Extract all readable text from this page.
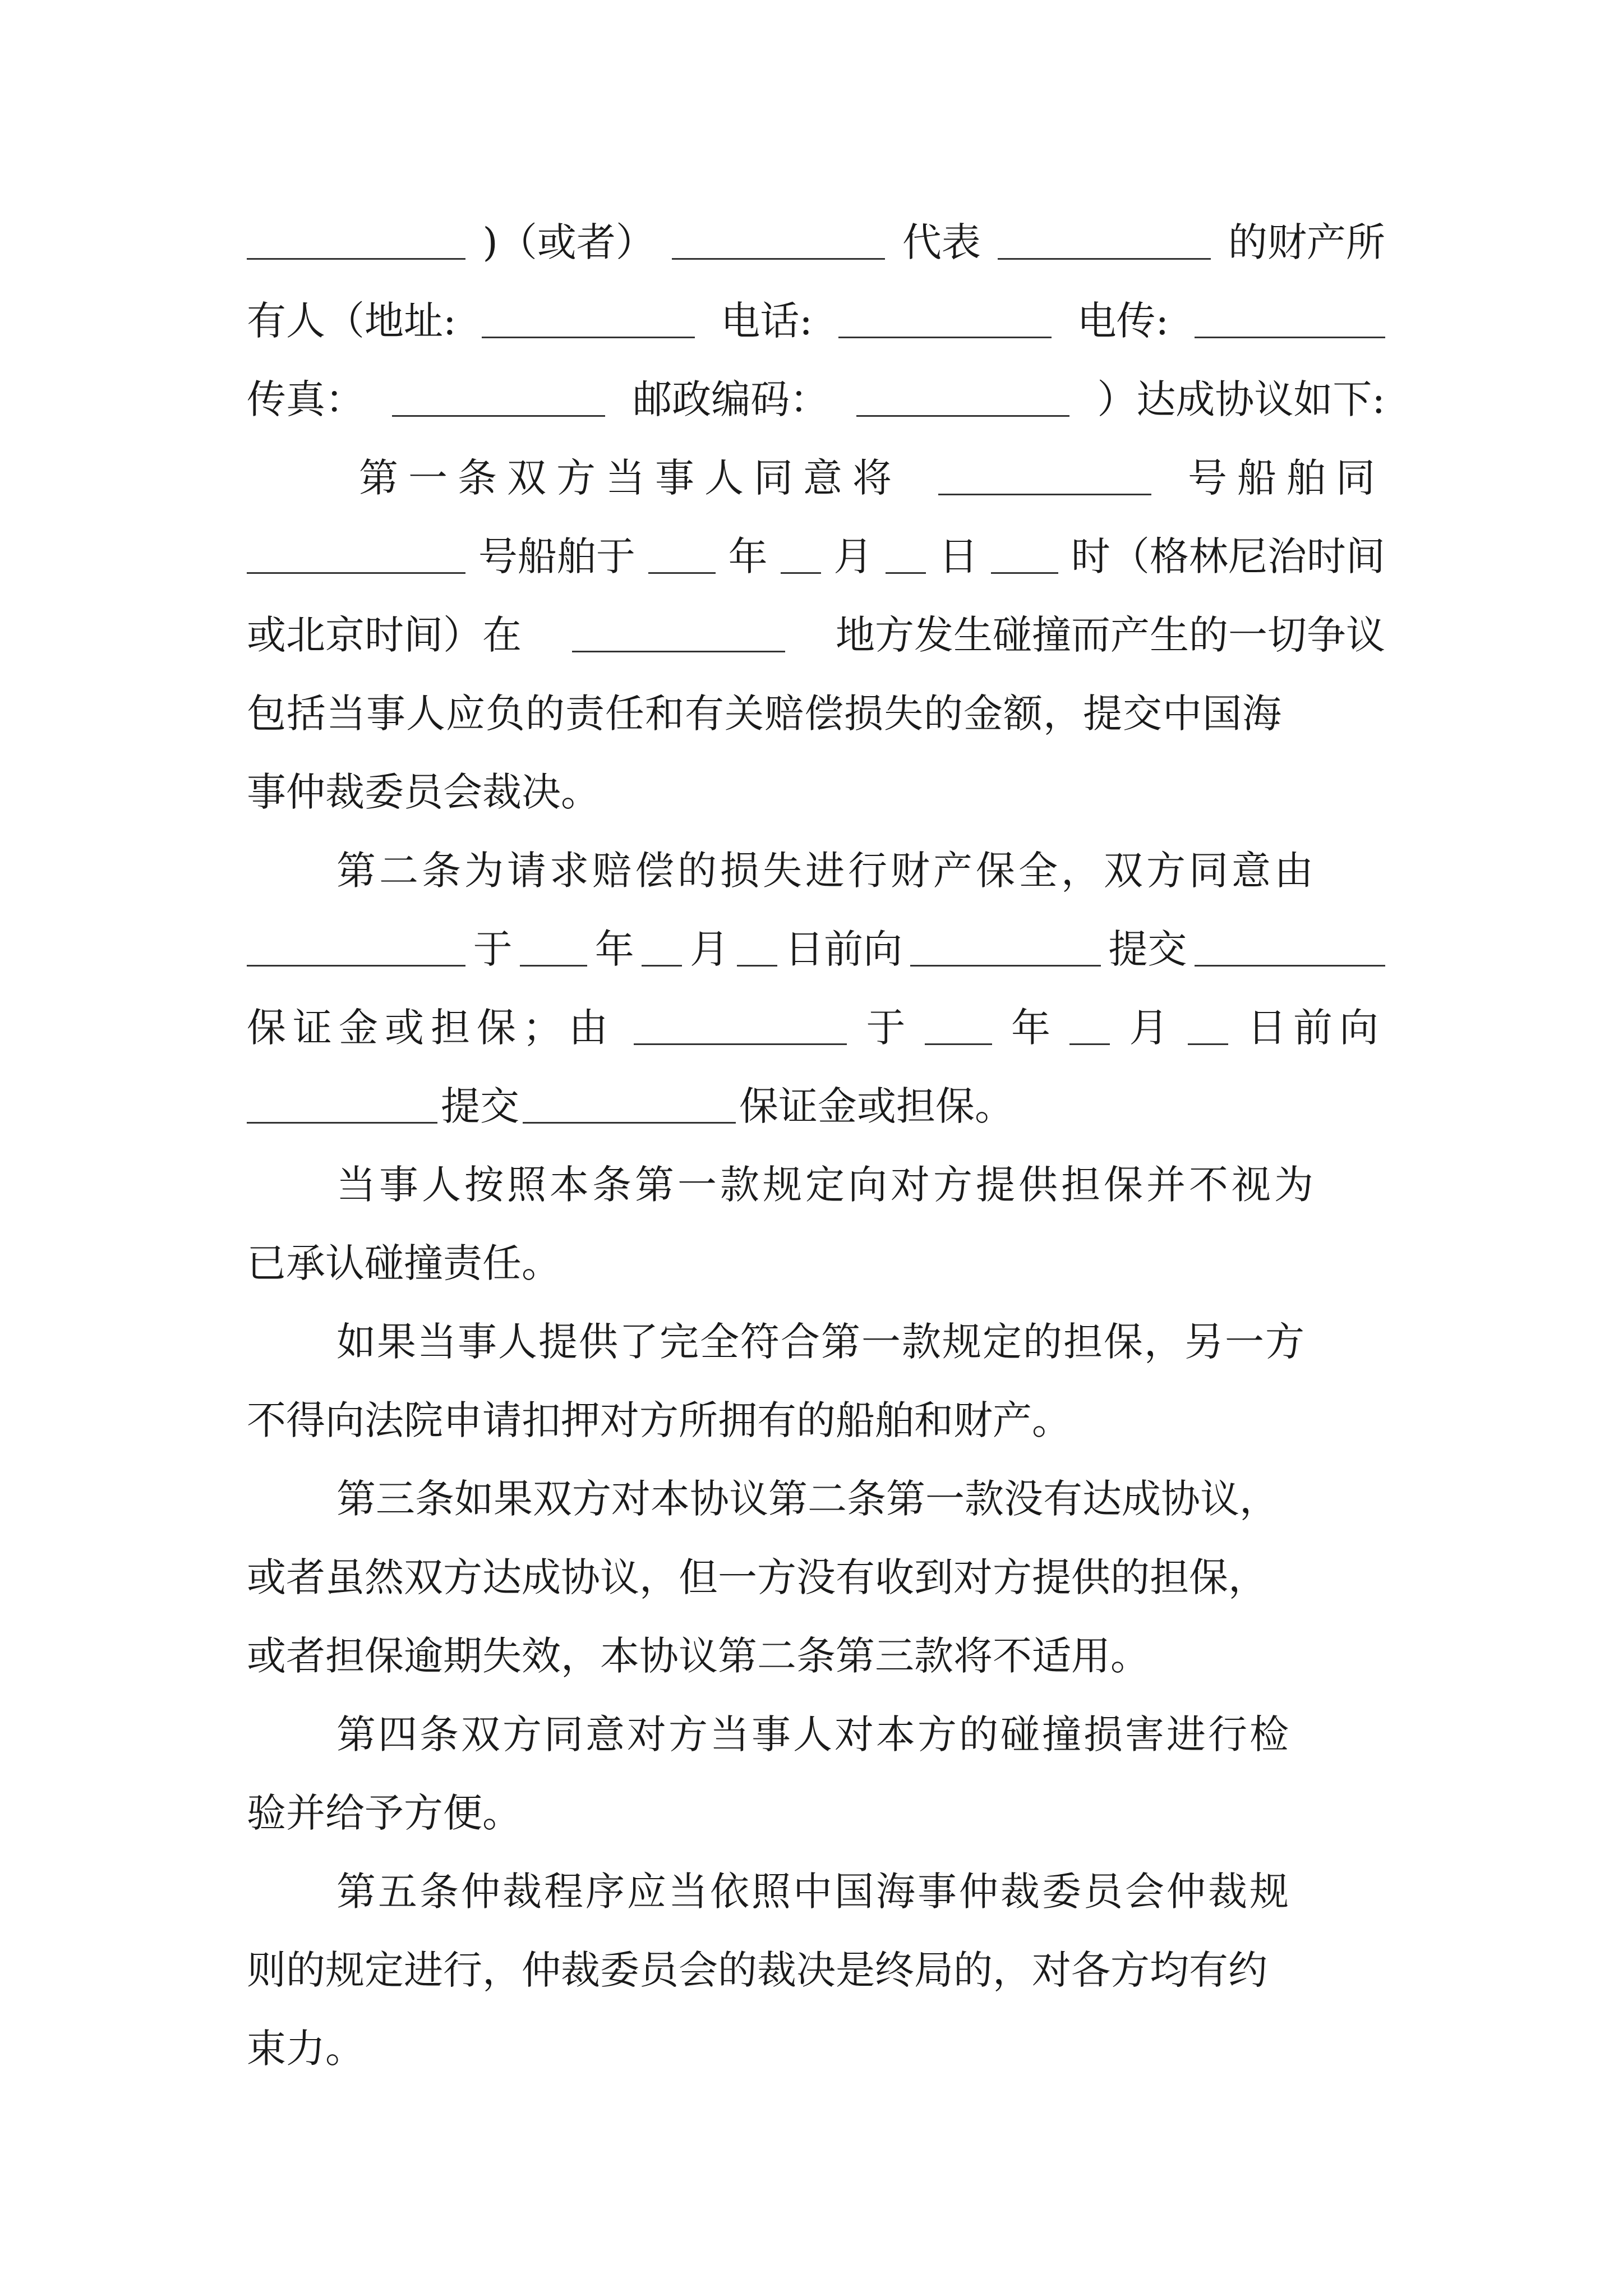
)（或者）	代表	的财产所
有人（地址:	电话:	电传:
传真：	邮政编码：	）达成协议如下:
第一条双方当事人同意将	号船舶同
号船舶于 年 月 日 时（格林尼治时间
或北京时间）在	地方发生碰撞而产生的一切争议
包括当事人应负的责任和有关赔偿损失的金额，提交中国海
事仲裁委员会裁决。
第二条为请求赔偿的损失进行财产保全，双方同意由
于 年 月 日前向	提交
保证金或担保；由	于	年 月 日前向
提交	保证金或担保。
当事人按照本条第一款规定向对方提供担保并不视为
已承认碰撞责任。
如果当事人提供了完全符合第一款规定的担保，另一方
不得向法院申请扣押对方所拥有的船舶和财产。
第三条如果双方对本协议第二条第一款没有达成协议，
或者虽然双方达成协议，但一方没有收到对方提供的担保，
或者担保逾期失效，本协议第二条第三款将不适用。
第四条双方同意对方当事人对本方的碰撞损害进行检
验并给予方便。
第五条仲裁程序应当依照中国海事仲裁委员会仲裁规
则的规定进行，仲裁委员会的裁决是终局的，对各方均有约
束力。
